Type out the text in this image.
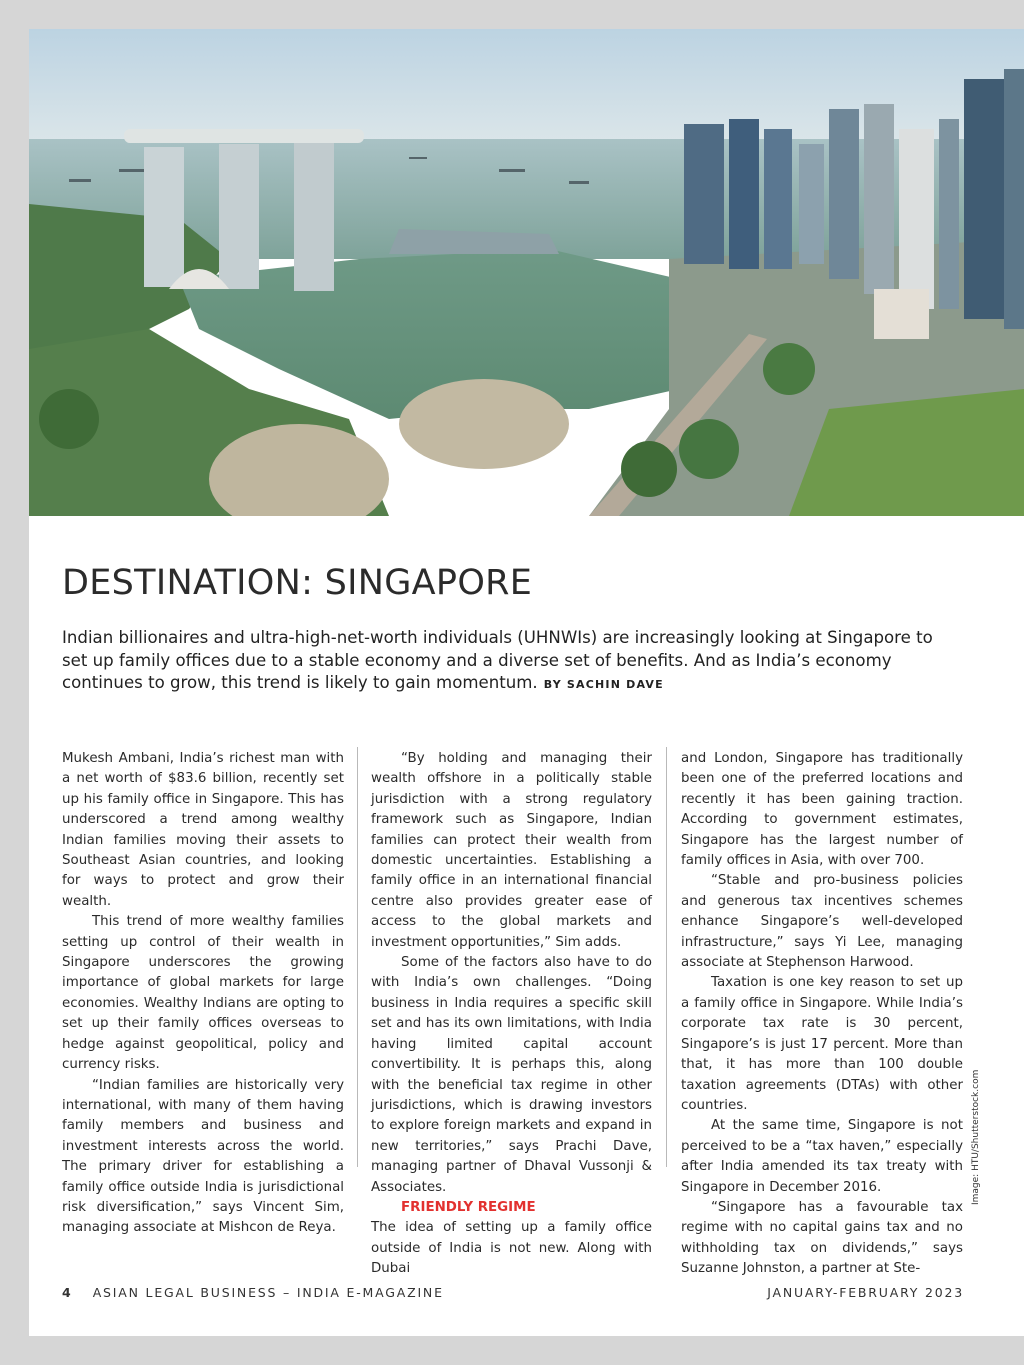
DESTINATION: SINGAPORE

Indian billionaires and ultra-high-net-worth individuals (UHNWIs) are increasingly looking at Singapore to set up family offices due to a stable economy and a diverse set of benefits. And as India’s economy continues to grow, this trend is likely to gain momentum. BY SACHIN DAVE

Mukesh Ambani, India’s richest man with a net worth of $83.6 billion, recently set up his family office in Singapore. This has underscored a trend among wealthy Indian families moving their assets to Southeast Asian countries, and looking for ways to protect and grow their wealth.

This trend of more wealthy families setting up control of their wealth in Singapore underscores the growing importance of global markets for large economies. Wealthy Indians are opting to set up their family offices overseas to hedge against geopolitical, policy and currency risks.

“Indian families are historically very international, with many of them having family members and business and investment interests across the world. The primary driver for establishing a family office outside India is jurisdictional risk diversification,” says Vincent Sim, managing associate at Mishcon de Reya.

“By holding and managing their wealth offshore in a politically stable jurisdiction with a strong regulatory framework such as Singapore, Indian families can protect their wealth from domestic uncertainties. Establishing a family office in an international financial centre also provides greater ease of access to the global markets and investment opportunities,” Sim adds.

Some of the factors also have to do with India’s own challenges. “Doing business in India requires a specific skill set and has its own limitations, with India having limited capital account convertibility. It is perhaps this, along with the beneficial tax regime in other jurisdictions, which is drawing investors to explore foreign markets and expand in new territories,” says Prachi Dave, managing partner of Dhaval Vussonji & Associates.

FRIENDLY REGIME

The idea of setting up a family office outside of India is not new. Along with Dubai

and London, Singapore has traditionally been one of the preferred locations and recently it has been gaining traction. According to government estimates, Singapore has the largest number of family offices in Asia, with over 700.

“Stable and pro-business policies and generous tax incentives schemes enhance Singapore’s well-developed infrastructure,” says Yi Lee, managing associate at Stephenson Harwood.

Taxation is one key reason to set up a family office in Singapore. While India’s corporate tax rate is 30 percent, Singapore’s is just 17 percent. More than that, it has more than 100 double taxation agreements (DTAs) with other countries.

At the same time, Singapore is not perceived to be a “tax haven,” especially after India amended its tax treaty with Singapore in December 2016.

“Singapore has a favourable tax regime with no capital gains tax and no withholding tax on dividends,” says Suzanne Johnston, a partner at Ste-

Image: HTU/Shutterstock.com
4 ASIAN LEGAL BUSINESS – INDIA E-MAGAZINE	JANUARY-FEBRUARY 2023
